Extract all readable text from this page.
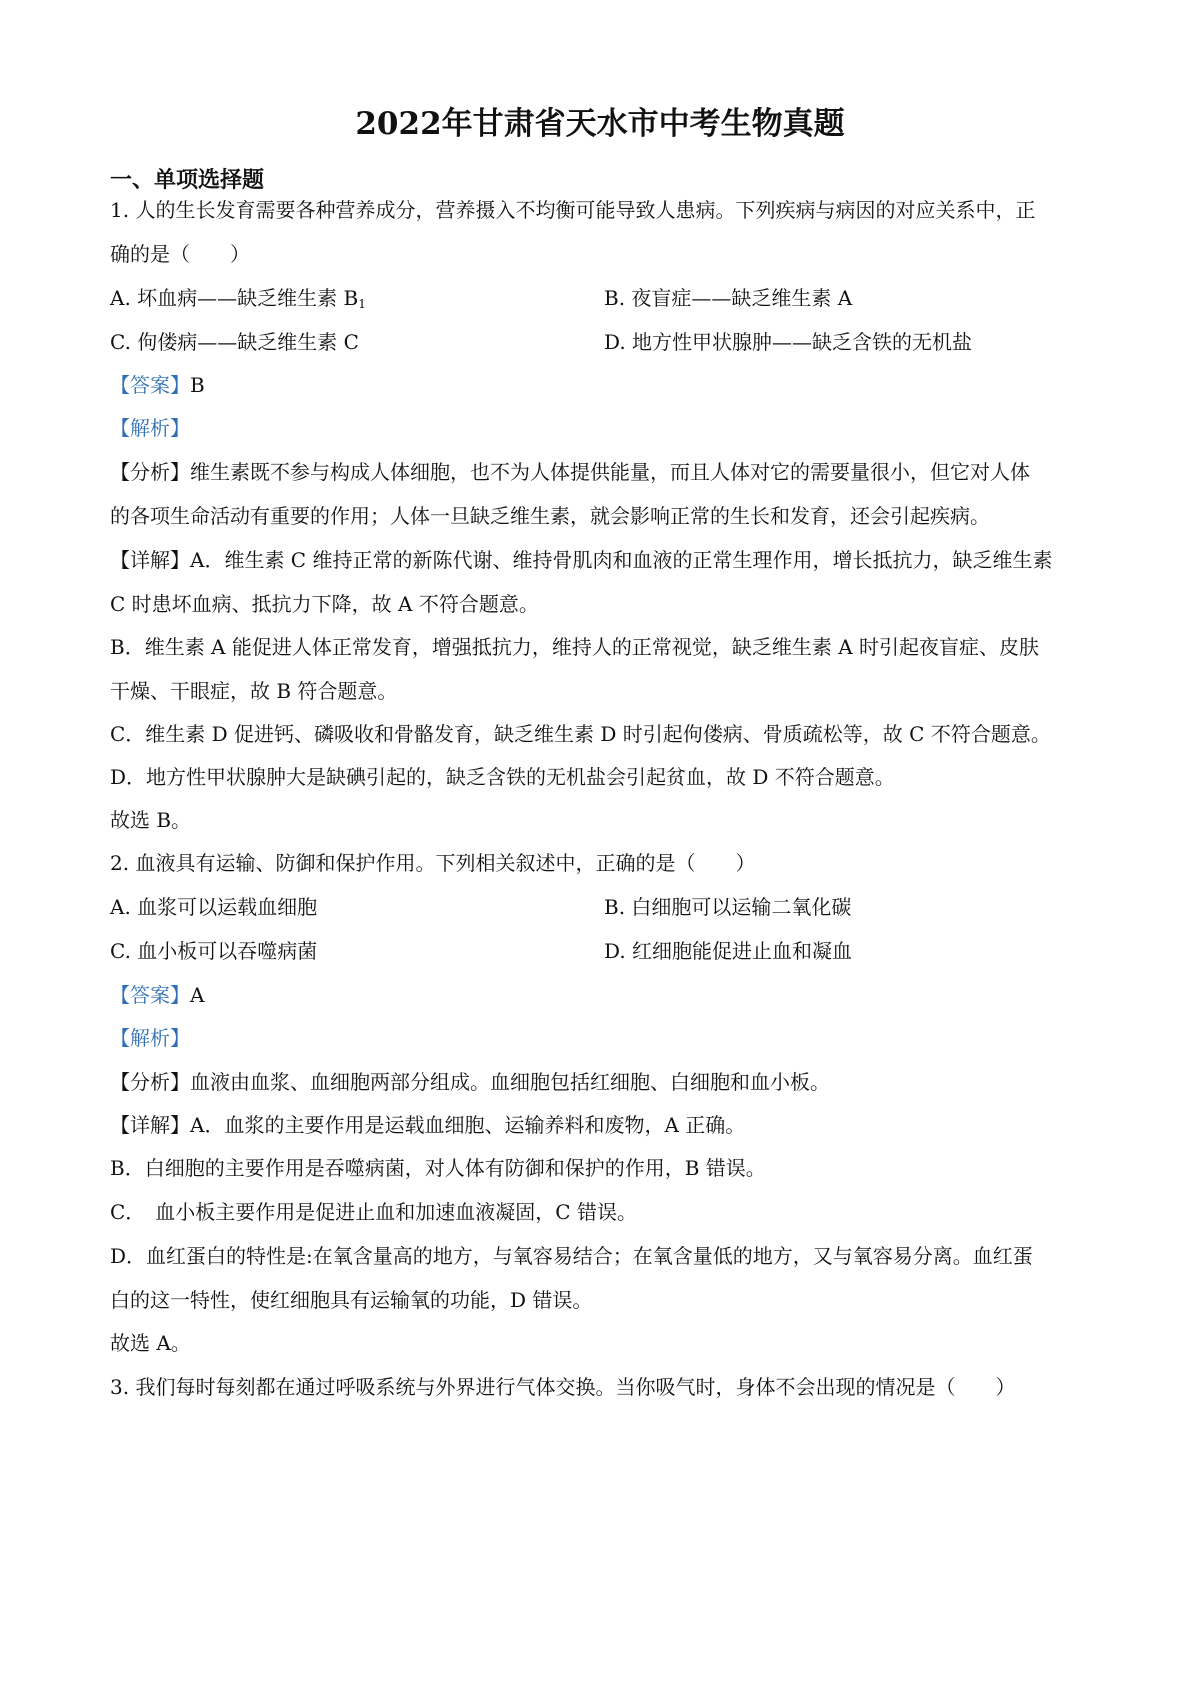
2022年甘肃省天水市中考生物真题
一、单项选择题
1. 人的生长发育需要各种营养成分，营养摄入不均衡可能导致人患病。下列疾病与病因的对应关系中，正
确的是（　　）
A. 坏血病——缺乏维生素 $B_1$	B. 夜盲症——缺乏维生素 A
C. 佝偻病——缺乏维生素 C	D. 地方性甲状腺肿——缺乏含铁的无机盐
【答案】B
【解析】
【分析】维生素既不参与构成人体细胞，也不为人体提供能量，而且人体对它的需要量很小，但它对人体
的各项生命活动有重要的作用；人体一旦缺乏维生素，就会影响正常的生长和发育，还会引起疾病。
【详解】A．维生素 C 维持正常的新陈代谢、维持骨肌肉和血液的正常生理作用，增长抵抗力，缺乏维生素
C 时患坏血病、抵抗力下降，故 A 不符合题意。
B．维生素 A 能促进人体正常发育，增强抵抗力，维持人的正常视觉，缺乏维生素 A 时引起夜盲症、皮肤
干燥、干眼症，故 B 符合题意。
C．维生素 D 促进钙、磷吸收和骨骼发育，缺乏维生素 D 时引起佝偻病、骨质疏松等，故 C 不符合题意。
D．地方性甲状腺肿大是缺碘引起的，缺乏含铁的无机盐会引起贫血，故 D 不符合题意。
故选 B。
2. 血液具有运输、防御和保护作用。下列相关叙述中，正确的是（　　）
A. 血浆可以运载血细胞	B. 白细胞可以运输二氧化碳
C. 血小板可以吞噬病菌	D. 红细胞能促进止血和凝血
【答案】A
【解析】
【分析】血液由血浆、血细胞两部分组成。血细胞包括红细胞、白细胞和血小板。
【详解】A．血浆的主要作用是运载血细胞、运输养料和废物，A 正确。
B．白细胞的主要作用是吞噬病菌，对人体有防御和保护的作用，B 错误。
C．　血小板主要作用是促进止血和加速血液凝固，C 错误。
D．血红蛋白的特性是:在氧含量高的地方，与氧容易结合；在氧含量低的地方，又与氧容易分离。血红蛋
白的这一特性，使红细胞具有运输氧的功能，D 错误。
故选 A。
3. 我们每时每刻都在通过呼吸系统与外界进行气体交换。当你吸气时，身体不会出现的情况是（　　）
